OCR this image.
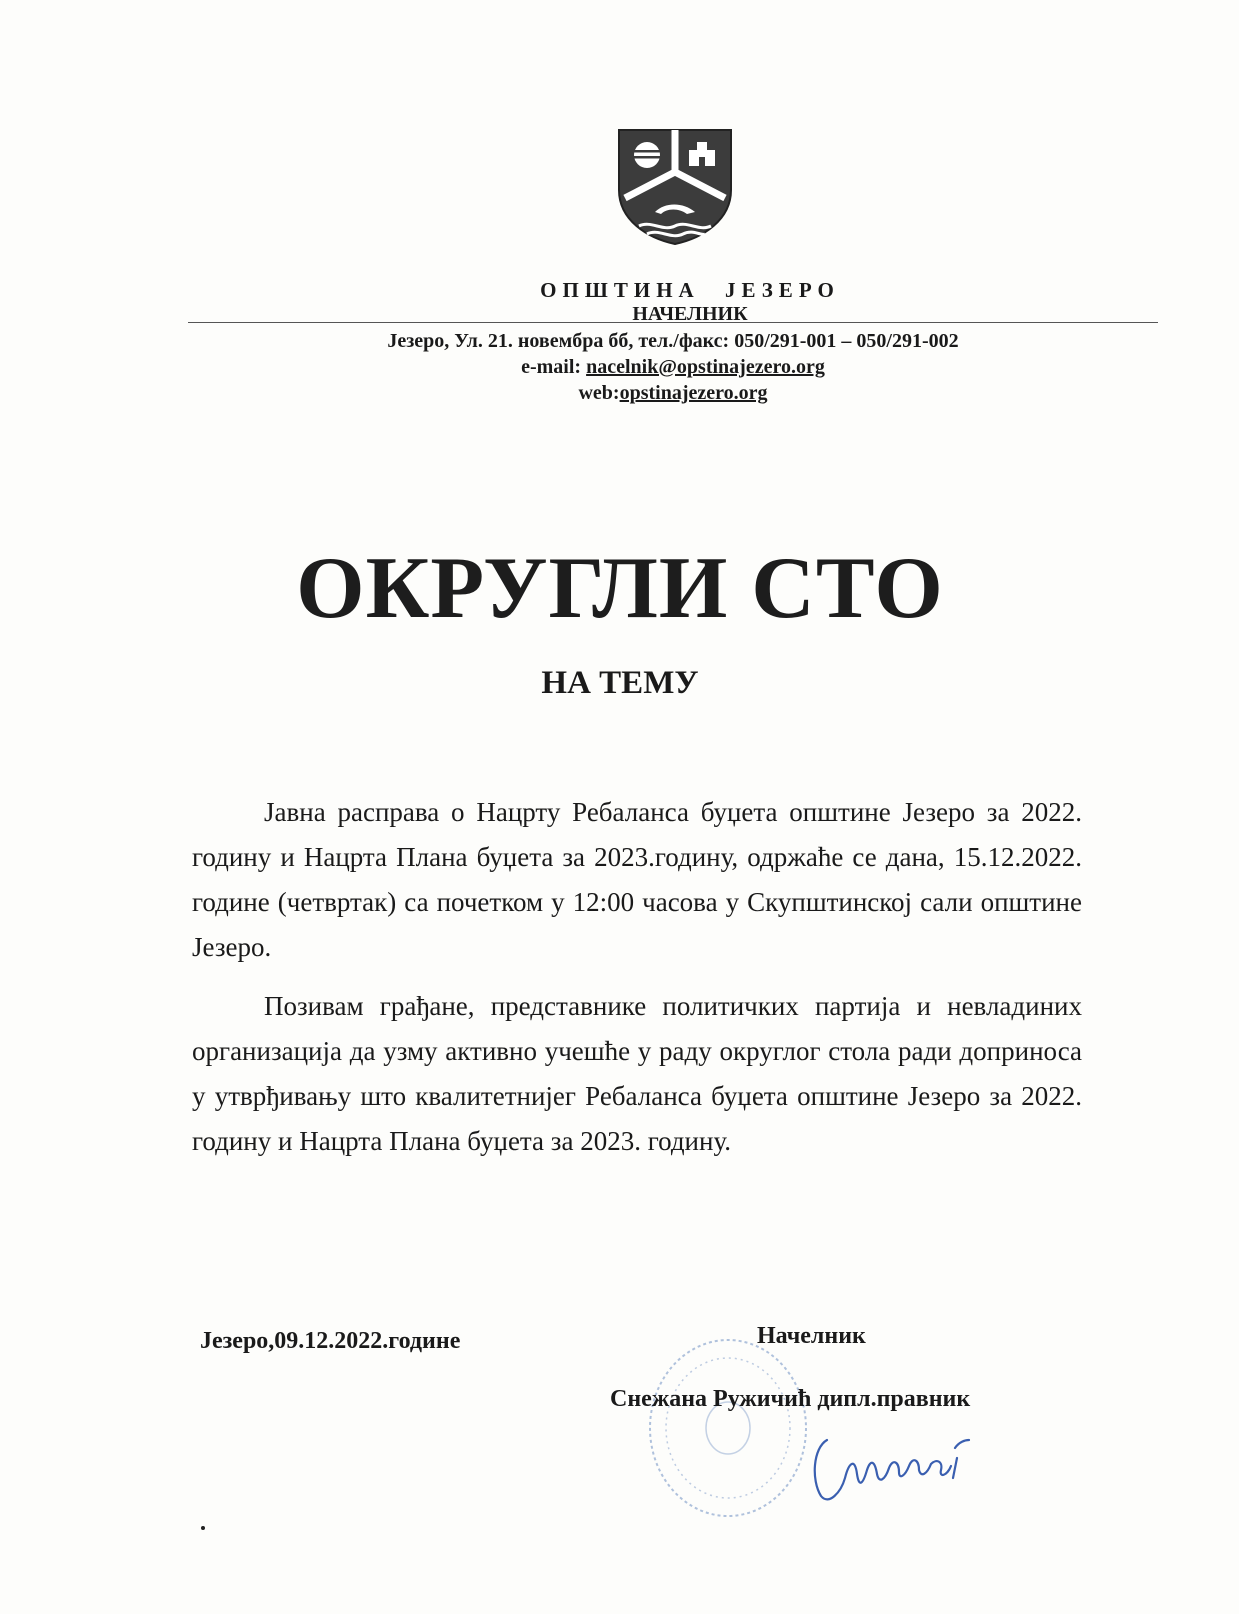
ОПШТИНА ЈЕЗЕРО
НАЧЕЛНИК
Језеро, Ул. 21. новембра бб, тел./факс: 050/291-001 – 050/291-002
e-mail: nacelnik@opstinajezero.org
web:opstinajezero.org
ОКРУГЛИ СТО
НА ТЕМУ

Јавна расправа о Нацрту Ребаланса буџета општине Језеро за 2022. годину и Нацрта Плана буџета за 2023.годину, одржаће се дана, 15.12.2022. године (четвртак) са почетком у 12:00 часова у Скупштинској сали општине Језеро.

Позивам грађане, представнике политичких партија и невладиних организација да узму активно учешће у раду округлог стола ради доприноса у утврђивању што квалитетнијег Ребаланса буџета општине Језеро за 2022. годину и Нацрта Плана буџета за 2023. годину.

Језеро,09.12.2022.године	Начелник
Снежана Ружичић дипл.правник
